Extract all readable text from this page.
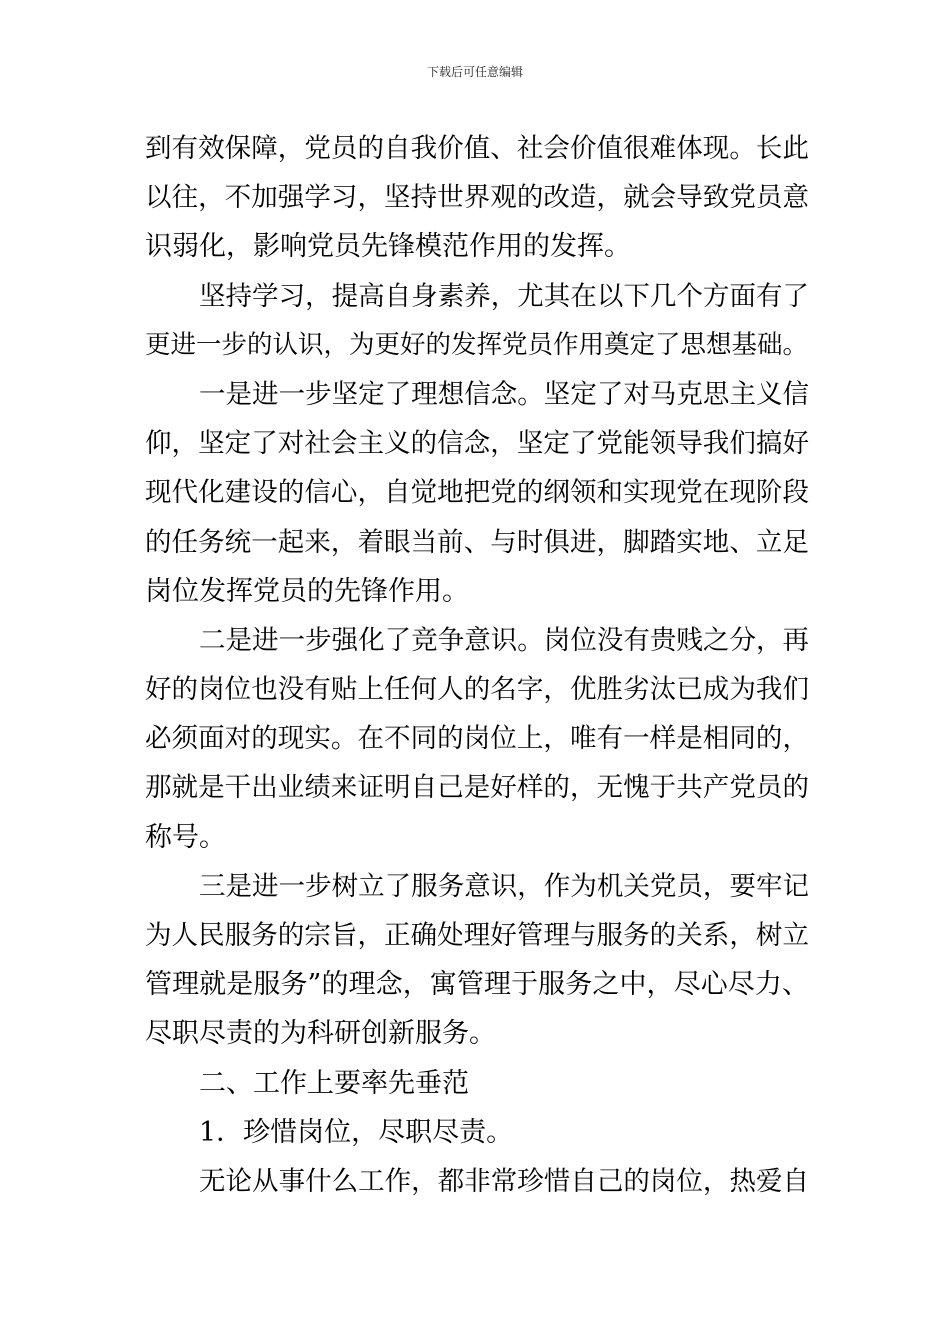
下载后可任意编辑
到有效保障，党员的自我价值、社会价值很难体现。长此
以往，不加强学习，坚持世界观的改造，就会导致党员意
识弱化，影响党员先锋模范作用的发挥。
坚持学习，提高自身素养，尤其在以下几个方面有了
更进一步的认识，为更好的发挥党员作用奠定了思想基础。
一是进一步坚定了理想信念。坚定了对马克思主义信
仰，坚定了对社会主义的信念，坚定了党能领导我们搞好
现代化建设的信心，自觉地把党的纲领和实现党在现阶段
的任务统一起来，着眼当前、与时俱进，脚踏实地、立足
岗位发挥党员的先锋作用。
二是进一步强化了竞争意识。岗位没有贵贱之分，再
好的岗位也没有贴上任何人的名字，优胜劣汰已成为我们
必须面对的现实。在不同的岗位上，唯有一样是相同的，
那就是干出业绩来证明自己是好样的，无愧于共产党员的
称号。
三是进一步树立了服务意识，作为机关党员，要牢记
为人民服务的宗旨，正确处理好管理与服务的关系，树立
管理就是服务”的理念，寓管理于服务之中，尽心尽力、
尽职尽责的为科研创新服务。
二、工作上要率先垂范
1．珍惜岗位，尽职尽责。
无论从事什么工作，都非常珍惜自己的岗位，热爱自
